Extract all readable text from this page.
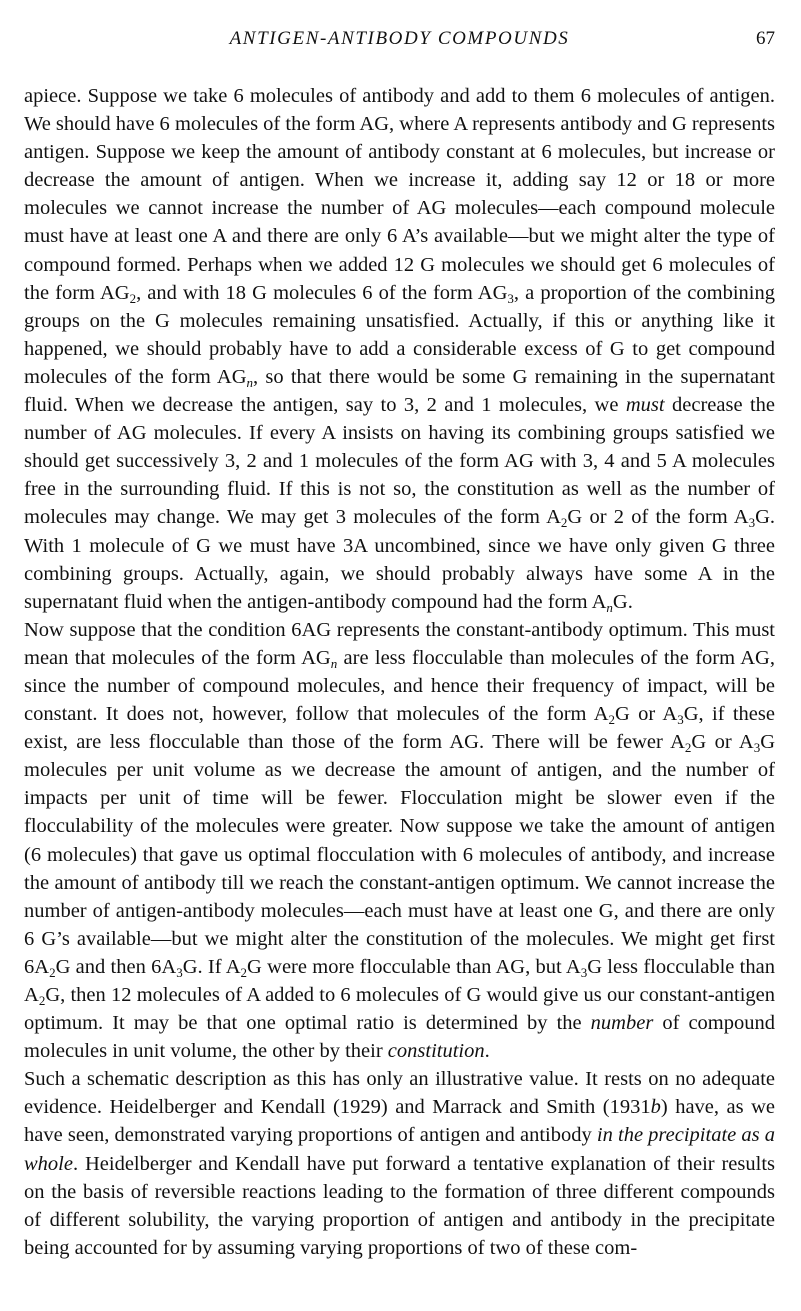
ANTIGEN-ANTIBODY COMPOUNDS	67

apiece. Suppose we take 6 molecules of antibody and add to them 6 molecules of antigen. We should have 6 molecules of the form AG, where A represents antibody and G represents antigen. Suppose we keep the amount of antibody constant at 6 molecules, but increase or decrease the amount of antigen. When we increase it, adding say 12 or 18 or more molecules we cannot increase the number of AG molecules—each compound molecule must have at least one A and there are only 6 A’s available—but we might alter the type of compound formed. Perhaps when we added 12 G molecules we should get 6 molecules of the form $AG_2$, and with 18 G molecules 6 of the form $AG_3$, a proportion of the combining groups on the G molecules remaining unsatisfied. Actually, if this or anything like it happened, we should probably have to add a considerable excess of G to get compound molecules of the form $AG_n$, so that there would be some G remaining in the supernatant fluid. When we decrease the antigen, say to 3, 2 and 1 molecules, we must decrease the number of AG molecules. If every A insists on having its combining groups satisfied we should get successively 3, 2 and 1 molecules of the form AG with 3, 4 and 5 A molecules free in the surrounding fluid. If this is not so, the constitution as well as the number of molecules may change. We may get 3 molecules of the form $A_2G$ or 2 of the form $A_3G$. With 1 molecule of G we must have 3A uncombined, since we have only given G three combining groups. Actually, again, we should probably always have some A in the supernatant fluid when the antigen-antibody compound had the form $A_nG$.

Now suppose that the condition 6AG represents the constant-antibody optimum. This must mean that molecules of the form $AG_n$ are less flocculable than molecules of the form AG, since the number of compound molecules, and hence their frequency of impact, will be constant. It does not, however, follow that molecules of the form $A_2G$ or $A_3G$, if these exist, are less flocculable than those of the form AG. There will be fewer $A_2G$ or $A_3G$ molecules per unit volume as we decrease the amount of antigen, and the number of impacts per unit of time will be fewer. Flocculation might be slower even if the flocculability of the molecules were greater. Now suppose we take the amount of antigen (6 molecules) that gave us optimal flocculation with 6 molecules of antibody, and increase the amount of antibody till we reach the constant-antigen optimum. We cannot increase the number of antigen-antibody molecules—each must have at least one G, and there are only 6 G’s available—but we might alter the constitution of the molecules. We might get first $6A_2G$ and then $6A_3G$. If $A_2G$ were more flocculable than AG, but $A_3G$ less flocculable than $A_2G$, then 12 molecules of A added to 6 molecules of G would give us our constant-antigen optimum. It may be that one optimal ratio is determined by the number of compound molecules in unit volume, the other by their constitution.

Such a schematic description as this has only an illustrative value. It rests on no adequate evidence. Heidelberger and Kendall (1929) and Marrack and Smith (1931b) have, as we have seen, demonstrated varying proportions of antigen and antibody in the precipitate as a whole. Heidelberger and Kendall have put forward a tentative explanation of their results on the basis of reversible reactions leading to the formation of three different compounds of different solubility, the varying proportion of antigen and antibody in the precipitate being accounted for by assuming varying proportions of two of these com-
